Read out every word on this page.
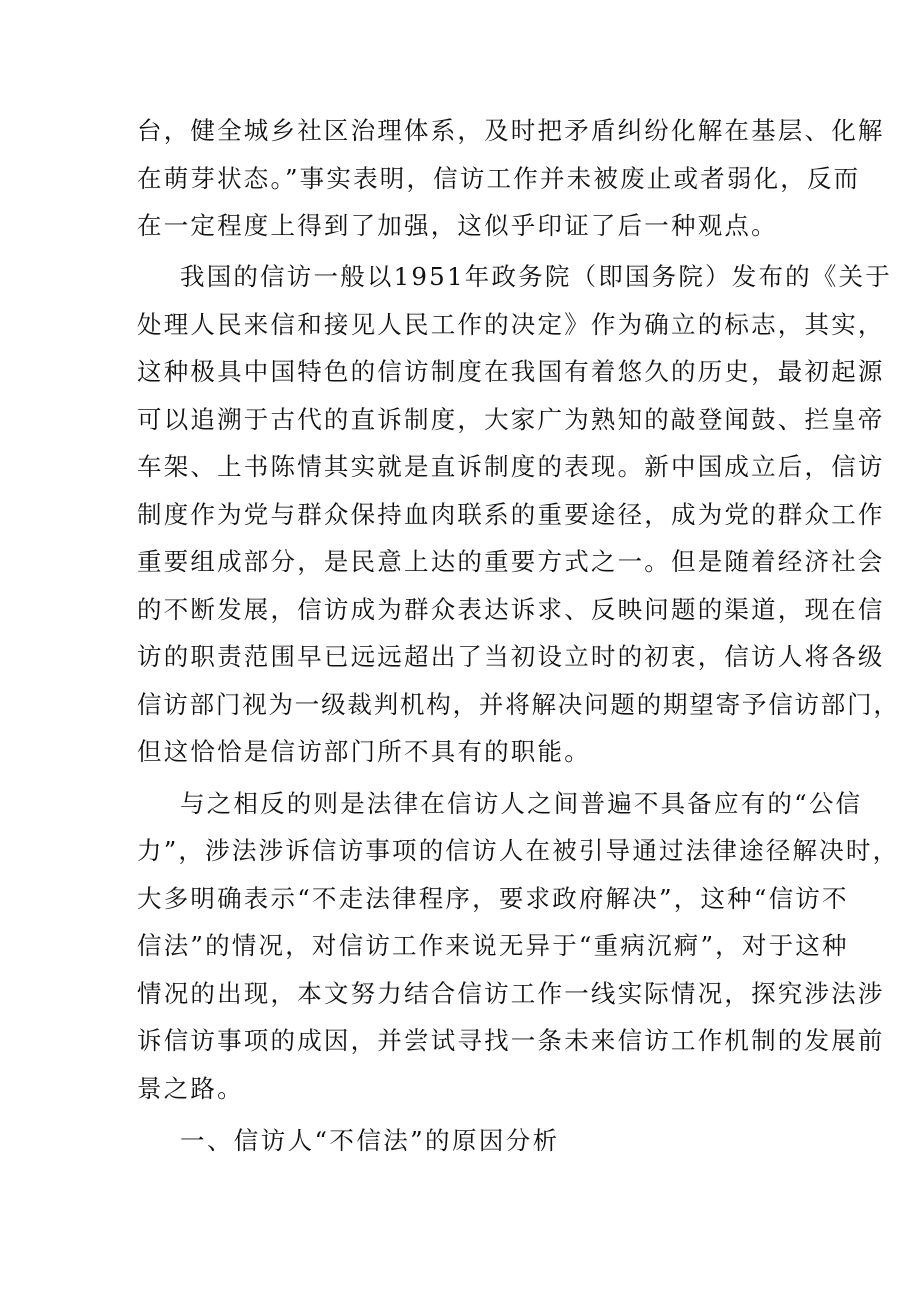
台，健全城乡社区治理体系，及时把矛盾纠纷化解在基层、化解
在萌芽状态。”事实表明，信访工作并未被废止或者弱化，反而
在一定程度上得到了加强，这似乎印证了后一种观点。
我国的信访一般以1951年政务院（即国务院）发布的《关于
处理人民来信和接见人民工作的决定》作为确立的标志，其实，
这种极具中国特色的信访制度在我国有着悠久的历史，最初起源
可以追溯于古代的直诉制度，大家广为熟知的敲登闻鼓、拦皇帝
车架、上书陈情其实就是直诉制度的表现。新中国成立后，信访
制度作为党与群众保持血肉联系的重要途径，成为党的群众工作
重要组成部分，是民意上达的重要方式之一。但是随着经济社会
的不断发展，信访成为群众表达诉求、反映问题的渠道，现在信
访的职责范围早已远远超出了当初设立时的初衷，信访人将各级
信访部门视为一级裁判机构，并将解决问题的期望寄予信访部门，
但这恰恰是信访部门所不具有的职能。
与之相反的则是法律在信访人之间普遍不具备应有的“公信
力”，涉法涉诉信访事项的信访人在被引导通过法律途径解决时，
大多明确表示“不走法律程序，要求政府解决”，这种“信访不
信法”的情况，对信访工作来说无异于“重病沉痾”，对于这种
情况的出现，本文努力结合信访工作一线实际情况，探究涉法涉
诉信访事项的成因，并尝试寻找一条未来信访工作机制的发展前
景之路。
一、信访人“不信法”的原因分析
